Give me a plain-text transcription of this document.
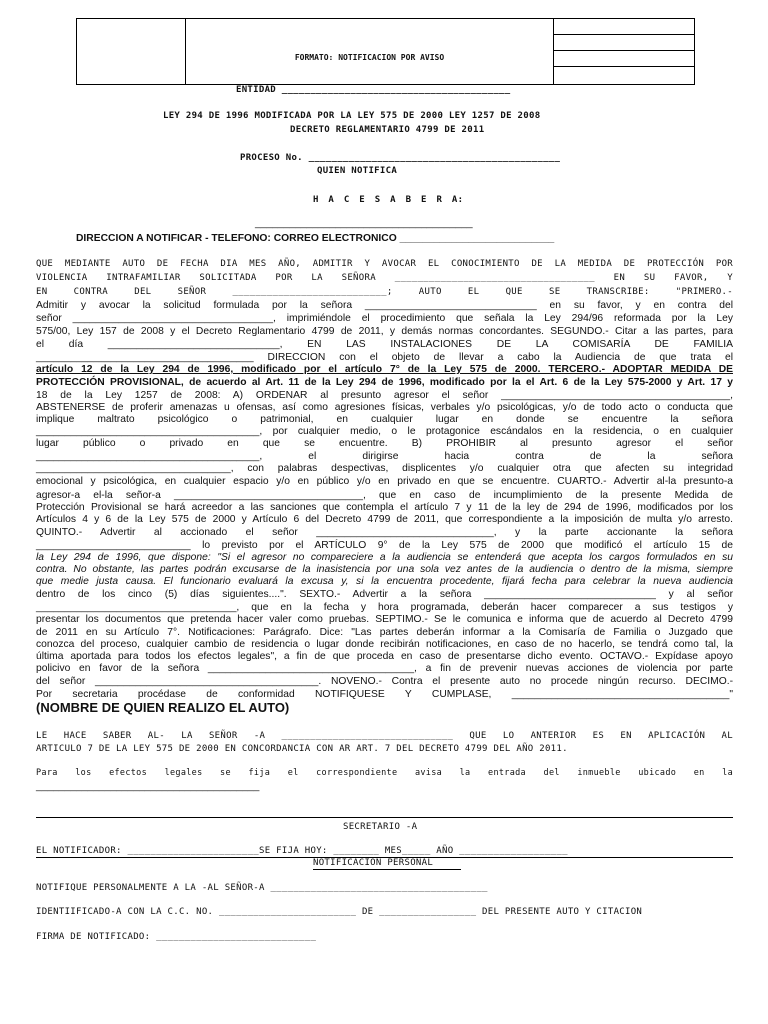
FORMATO: NOTIFICACION POR AVISO
ENTIDAD ________________________________________
LEY 294 DE 1996 MODIFICADA POR LA LEY 575 DE 2000 LEY 1257 DE 2008
DECRETO REGLAMENTARIO 4799 DE 2011
PROCESO No. ____________________________________________
QUIEN NOTIFICA
H A C E S A B E R A:
______________________________________
DIRECCION A NOTIFICAR - TELEFONO: CORREO ELECTRONICO ___________________________
QUE MEDIANTE AUTO DE FECHA DIA MES AÑO, ADMITIR Y AVOCAR EL CONOCIMIENTO DE LA MEDIDA DE PROTECCIÓN POR
VIOLENCIA INTRAFAMILIAR SOLICITADA POR LA SEÑORA ___________________________________ EN SU FAVOR, Y
EN CONTRA DEL SEÑOR ___________________________; AUTO EL QUE SE TRANSCRIBE: "PRIMERO.-
Admitir y avocar la solicitud formulada por la señora ______________________________ en su favor, y en contra del
señor ___________________________________, imprimiéndole el procedimiento que señala la Ley 294/96 reformada por la Ley
575/00, Ley 157 de 2008 y el Decreto Reglamentario 4799 de 2011, y demás normas concordantes. SEGUNDO.- Citar a las partes, para
el día ______________________________, EN LAS INSTALACIONES DE LA COMISARÍA DE FAMILIA
______________________________________ DIRECCION con el objeto de llevar a cabo la Audiencia de que trata el
artículo 12 de la Ley 294 de 1996, modificado por el artículo 7° de la Ley 575 de 2000. TERCERO.- ADOPTAR MEDIDA DE
PROTECCIÓN PROVISIONAL, de acuerdo al Art. 11 de la Ley 294 de 1996, modificado por la el Art. 6 de la Ley 575-2000 y Art. 17 y
18 de la Ley 1257 de 2008: A) ORDENAR al presunto agresor el señor ________________________________________,
ABSTENERSE de proferir amenazas u ofensas, así como agresiones físicas, verbales y/o psicológicas, y/o de todo acto o conducta que
implique maltrato psicológico o patrimonial, en cualquier lugar en donde se encuentre la señora
_______________________________________, por cualquier medio, o le protagonice escándalos en la residencia, o en cualquier
lugar público o privado en que se encuentre. B) PROHIBIR al presunto agresor el señor
_______________________________________, el dirigirse hacia contra de la señora
__________________________________, con palabras despectivas, displicentes y/o cualquier otra que afecten su integridad
emocional y psicológica, en cualquier espacio y/o en público y/o en privado en que se encuentre. CUARTO.- Advertir al-la presunto-a
agresor-a el-la señor-a _________________________________, que en caso de incumplimiento de la presente Medida de
Protección Provisional se hará acreedor a las sanciones que contempla el artículo 7 y 11 de la ley de 294 de 1996, modificados por los
Artículos 4 y 6 de la Ley 575 de 2000 y Artículo 6 del Decreto 4799 de 2011, que correspondiente a la imposición de multa y/o arresto.
QUINTO.- Advertir al accionado el señor _______________________________, y la parte accionante la señora
___________________________ lo previsto por el ARTÍCULO 9° de la Ley 575 de 2000 que modificó el artículo 15 de
la Ley 294 de 1996, que dispone: "Si el agresor no compareciere a la audiencia se entenderá que acepta los cargos formulados en su
contra. No obstante, las partes podrán excusarse de la inasistencia por una sola vez antes de la audiencia o dentro de la misma, siempre
que medie justa causa. El funcionario evaluará la excusa y, si la encuentra procedente, fijará fecha para celebrar la nueva audiencia
dentro de los cinco (5) días siguientes....". SEXTO.- Advertir a la señora ______________________________ y al señor
___________________________________, que en la fecha y hora programada, deberán hacer comparecer a sus testigos y
presentar los documentos que pretenda hacer valer como pruebas. SEPTIMO.- Se le comunica e informa que de acuerdo al Decreto 4799
de 2011 en su Artículo 7°. Notificaciones: Parágrafo. Dice: "Las partes deberán informar a la Comisaría de Familia o Juzgado que
conozca del proceso, cualquier cambio de residencia o lugar donde recibirán notificaciones, en caso de no hacerlo, se tendrá como tal, la
última aportada para todos los efectos legales", a fin de que proceda en caso de presentarse dicho evento. OCTAVO.- Expídase apoyo
policivo en favor de la señora ____________________________________, a fin de prevenir nuevas acciones de violencia por parte
del señor _______________________________________. NOVENO.- Contra el presente auto no procede ningún recurso. DECIMO.-
Por secretaria procédase de conformidad NOTIFIQUESE Y CUMPLASE, ______________________________________"
(NOMBRE DE QUIEN REALIZO EL AUTO)
LE HACE SABER AL- LA SEÑOR -A ______________________________ QUE LO ANTERIOR ES EN APLICACIÓN AL
ARTICULO 7 DE LA LEY 575 DE 2000 EN CONCORDANCIA CON AR ART. 7 DEL DECRETO 4799 DEL AÑO 2011.
Para los efectos legales se fija el correspondiente avisa la entrada del inmueble ubicado en la
_______________________________________
SECRETARIO -A
EL NOTIFICADOR: _______________________SE FIJA HOY: ________ MES_____ AÑO ___________________
NOTIFICACION PERSONAL
NOTIFIQUE PERSONALMENTE A LA -AL SEÑOR-A ______________________________________
IDENTIIFICADO-A CON LA C.C. NO. ________________________ DE _________________ DEL PRESENTE AUTO Y CITACION
FIRMA DE NOTIFICADO: ____________________________
